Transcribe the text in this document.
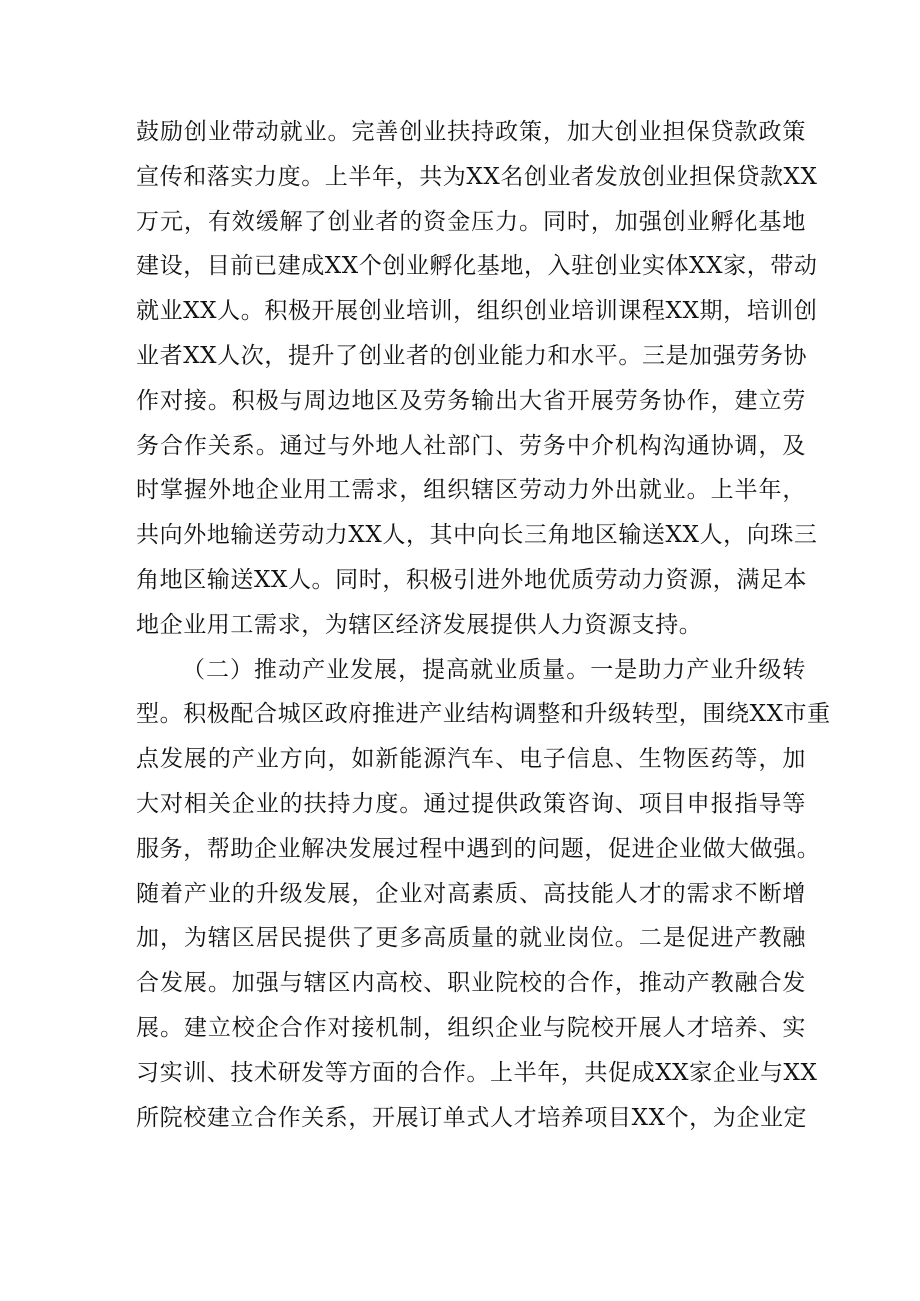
鼓励创业带动就业。完善创业扶持政策，加大创业担保贷款政策
宣传和落实力度。上半年，共为XX名创业者发放创业担保贷款XX
万元，有效缓解了创业者的资金压力。同时，加强创业孵化基地
建设，目前已建成XX个创业孵化基地，入驻创业实体XX家，带动
就业XX人。积极开展创业培训，组织创业培训课程XX期，培训创
业者XX人次，提升了创业者的创业能力和水平。三是加强劳务协
作对接。积极与周边地区及劳务输出大省开展劳务协作，建立劳
务合作关系。通过与外地人社部门、劳务中介机构沟通协调，及
时掌握外地企业用工需求，组织辖区劳动力外出就业。上半年，
共向外地输送劳动力XX人，其中向长三角地区输送XX人，向珠三
角地区输送XX人。同时，积极引进外地优质劳动力资源，满足本
地企业用工需求，为辖区经济发展提供人力资源支持。
（二）推动产业发展，提高就业质量。一是助力产业升级转
型。积极配合城区政府推进产业结构调整和升级转型，围绕XX市重
点发展的产业方向，如新能源汽车、电子信息、生物医药等，加
大对相关企业的扶持力度。通过提供政策咨询、项目申报指导等
服务，帮助企业解决发展过程中遇到的问题，促进企业做大做强。
随着产业的升级发展，企业对高素质、高技能人才的需求不断增
加，为辖区居民提供了更多高质量的就业岗位。二是促进产教融
合发展。加强与辖区内高校、职业院校的合作，推动产教融合发
展。建立校企合作对接机制，组织企业与院校开展人才培养、实
习实训、技术研发等方面的合作。上半年，共促成XX家企业与XX
所院校建立合作关系，开展订单式人才培养项目XX个，为企业定
